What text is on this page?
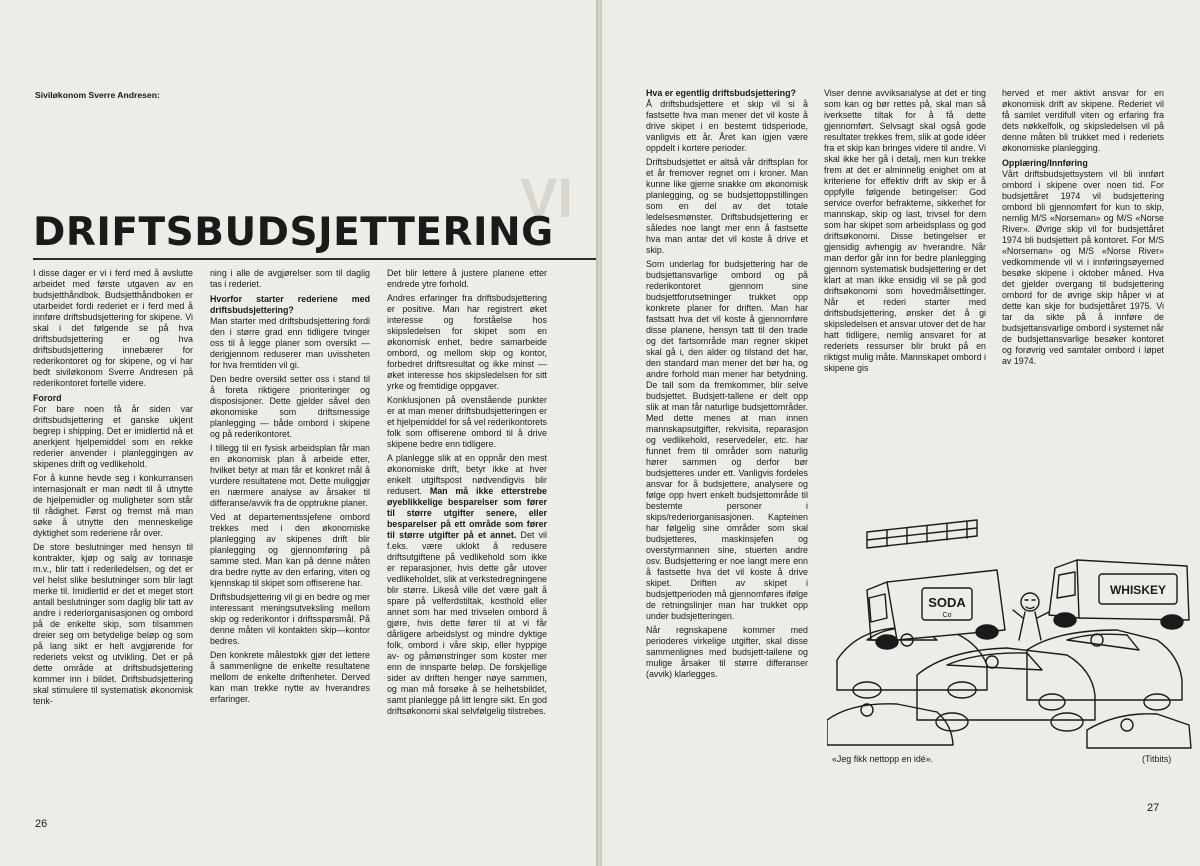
VI
Siviløkonom Sverre Andresen:
DRIFTSBUDSJETTERING

I disse dager er vi i ferd med å avslutte arbeidet med første utgaven av en budsjetthåndbok. Budsjetthåndboken er utarbeidet fordi rederiet er i ferd med å innføre driftsbudsjettering for skipene. Vi skal i det følgende se på hva driftsbudsjettering er og hva driftsbudsjettering innebærer for rederikontoret og for skipene, og vi har bedt siviløkonom Sverre Andresen på rederikontoret fortelle videre.

Forord

For bare noen få år siden var driftsbudsjettering et ganske ukjent begrep i shipping. Det er imidlertid nå et anerkjent hjelpemiddel som en rekke rederier anvender i planleggingen av skipenes drift og vedlikehold.

For å kunne hevde seg i konkurransen internasjonalt er man nødt til å utnytte de hjelpemidler og muligheter som står til rådighet. Først og fremst må man søke å utnytte den menneskelige dyktighet som rederiene rår over.

De store beslutninger med hensyn til kontrakter, kjøp og salg av tonnasje m.v., blir tatt i rederiledelsen, og det er vel helst slike beslutninger som blir lagt merke til. Imidlertid er det et meget stort antall beslutninger som daglig blir tatt av andre i rederiorganisasjonen og ombord på de enkelte skip, som tilsammen dreier seg om betydelige beløp og som på lang sikt er helt avgjørende for rederiets vekst og utvikling. Det er på dette område at driftsbudsjettering kommer inn i bildet. Driftsbudsjettering skal stimulere til systematisk økonomisk tenk-

ning i alle de avgjørelser som til daglig tas i rederiet.

Hvorfor starter rederiene med driftsbudsjettering?

Man starter med driftsbudsjettering fordi den i større grad enn tidligere tvinger oss til å legge planer som oversikt — derigjennom reduserer man uvissheten for hva fremtiden vil gi.

Den bedre oversikt setter oss i stand til å foreta riktigere prioriteringer og disposisjoner. Dette gjelder såvel den økonomiske som driftsmessige planlegging — både ombord i skipene og på rederikontoret.

I tillegg til en fysisk arbeidsplan får man en økonomisk plan å arbeide etter, hvilket betyr at man får et konkret mål å vurdere resultatene mot. Dette muliggjør en nærmere analyse av årsaker til differanse/avvik fra de opptrukne planer.

Ved at departementssjefene ombord trekkes med i den økonomiske planlegging av skipenes drift blir planlegging og gjennomføring på samme sted. Man kan på denne måten dra bedre nytte av den erfaring, viten og kjennskap til skipet som offiserene har.

Driftsbudsjettering vil gi en bedre og mer interessant meningsutveksling mellom skip og rederikontor i driftsspørsmål. På denne måten vil kontakten skip—kontor bedres.

Den konkrete målestokk gjør det lettere å sammenligne de enkelte resultatene mellom de enkelte driftenheter. Derved kan man trekke nytte av hverandres erfaringer.

Det blir lettere å justere planene etter endrede ytre forhold.

Andres erfaringer fra driftsbudsjettering er positive. Man har registrert øket interesse og forståelse hos skipsledelsen for skipet som en økonomisk enhet, bedre samarbeide ombord, og mellom skip og kontor, forbedret driftsresultat og ikke minst — øket interesse hos skipsledelsen for sitt yrke og fremtidige oppgaver.

Konklusjonen på ovenstående punkter er at man mener driftsbudsjetteringen er et hjelpemiddel for så vel rederikontorets folk som offiserene ombord til å drive skipene bedre enn tidligere.

A planlegge slik at en oppnår den mest økonomiske drift, betyr ikke at hver enkelt utgiftspost nødvendigvis blir redusert. Man må ikke etterstrebe øyeblikkelige besparelser som fører til større utgifter senere, eller besparelser på ett område som fører til større utgifter på et annet. Det vil f.eks. være uklokt å redusere driftsutgiftene på vedlikehold som ikke er reparasjoner, hvis dette går utover vedlikeholdet, slik at verkstedregningene blir større. Likeså ville det være galt å spare på velferdstiltak, kosthold eller annet som har med trivselen ombord å gjøre, hvis dette fører til at vi får dårligere arbeidslyst og mindre dyktige folk, ombord i våre skip, eller hyppige av- og påmønstringer som koster mer enn de innsparte beløp. De forskjellige sider av driften henger nøye sammen, og man må forsøke å se helhetsbildet, samt planlegge på litt lengre sikt. En god driftsøkonomi skal selvfølgelig tilstrebes.

26
Hva er egentlig driftsbudsjettering?

Å driftsbudsjettere et skip vil si å fastsette hva man mener det vil koste å drive skipet i en bestemt tidsperiode, vanligvis ett år. Året kan igjen være oppdelt i kortere perioder.

Driftsbudsjettet er altså vår driftsplan for et år fremover regnet om i kroner. Man kunne like gjerne snakke om økonomisk planlegging, og se budsjettoppstillingen som en del av det totale ledelsesmønster. Driftsbudsjettering er således noe langt mer enn å fastsette hva man antar det vil koste å drive et skip.

Som underlag for budsjettering har de budsjettansvarlige ombord og på rederikontoret gjennom sine budsjettforutsetninger trukket opp konkrete planer for driften. Man har fastsatt hva det vil koste å gjennomføre disse planene, hensyn tatt til den trade og det fartsområde man regner skipet skal gå i, den alder og tilstand det har, den standard man mener det bør ha, og andre forhold man mener har betydning. De tall som da fremkommer, blir selve budsjettet. Budsjett-tallene er delt opp slik at man får naturlige budsjettområder. Med dette menes at man innen mannskapsutgifter, rekvisita, reparasjon og vedlikehold, reservedeler, etc. har funnet frem til områder som naturlig hører sammen og derfor bør budsjetteres under ett. Vanligvis fordeles ansvar for å budsjettere, analysere og følge opp hvert enkelt budsjettområde til bestemte personer i skips/rederiorganisasjonen. Kapteinen har følgelig sine områder som skal budsjetteres, maskinsjefen og overstyrmannen sine, stuerten andre osv. Budsjettering er noe langt mere enn å fastsette hva det vil koste å drive skipet. Driften av skipet i budsjettperioden må gjennomføres ifølge de retningslinjer man har trukket opp under budsjetteringen.

Når regnskapene kommer med perioderes virkelige utgifter, skal disse sammenlignes med budsjett-tallene og mulige årsaker til større differanser (avvik) klarlegges.

Viser denne avviksanalyse at det er ting som kan og bør rettes på, skal man så iverksette tiltak for å få dette gjennomført. Selvsagt skal også gode resultater trekkes frem, slik at gode idéer fra et skip kan bringes videre til andre. Vi skal ikke her gå i detalj, men kun trekke frem at det er alminnelig enighet om at kriteriene for effektiv drift av skip er å oppfylle følgende betingelser: God service overfor befrakterne, sikkerhet for mannskap, skip og last, trivsel for dem som har skipet som arbeidsplass og god driftsøkonomi. Disse betingelser er gjensidig avhengig av hverandre. Når man derfor går inn for bedre planlegging gjennom systematisk budsjettering er det klart at man ikke ensidig vil se på god driftsøkonomi som hovedmålsettinger. Når et rederi starter med driftsbudsjettering, ønsker det å gi skipsledelsen et ansvar utover det de har hatt tidligere, nemlig ansvaret for at rederiets ressurser blir brukt på en riktigst mulig måte. Mannskapet ombord i skipene gis

herved et mer aktivt ansvar for en økonomisk drift av skipene. Rederiet vil få samlet verdifull viten og erfaring fra dets nøkkelfolk, og skipsledelsen vil på denne måten bli trukket med i rederiets økonomiske planlegging.

Opplæring/Innføring

Vårt driftsbudsjettsystem vil bli innført ombord i skipene over noen tid. For budsjettåret 1974 vil budsjettering ombord bli gjennomført for kun to skip, nemlig M/S «Norseman» og M/S «Norse River». Øvrige skip vil for budsjettåret 1974 bli budsjettert på kontoret. For M/S «Norseman» og M/S «Norse River» vedkommende vil vi i innføringsøyemed besøke skipene i oktober måned. Hva det gjelder overgang til budsjettering ombord for de øvrige skip håper vi at dette kan skje for budsjettåret 1975. Vi tar da sikte på å innføre de budsjettansvarlige ombord i systemet når de budsjettansvarlige besøker kontoret og forøvrig ved samtaler ombord i løpet av 1974.

SODA
Co
WHISKEY
«Jeg fikk nettopp en idé».	(Titbits)
27
